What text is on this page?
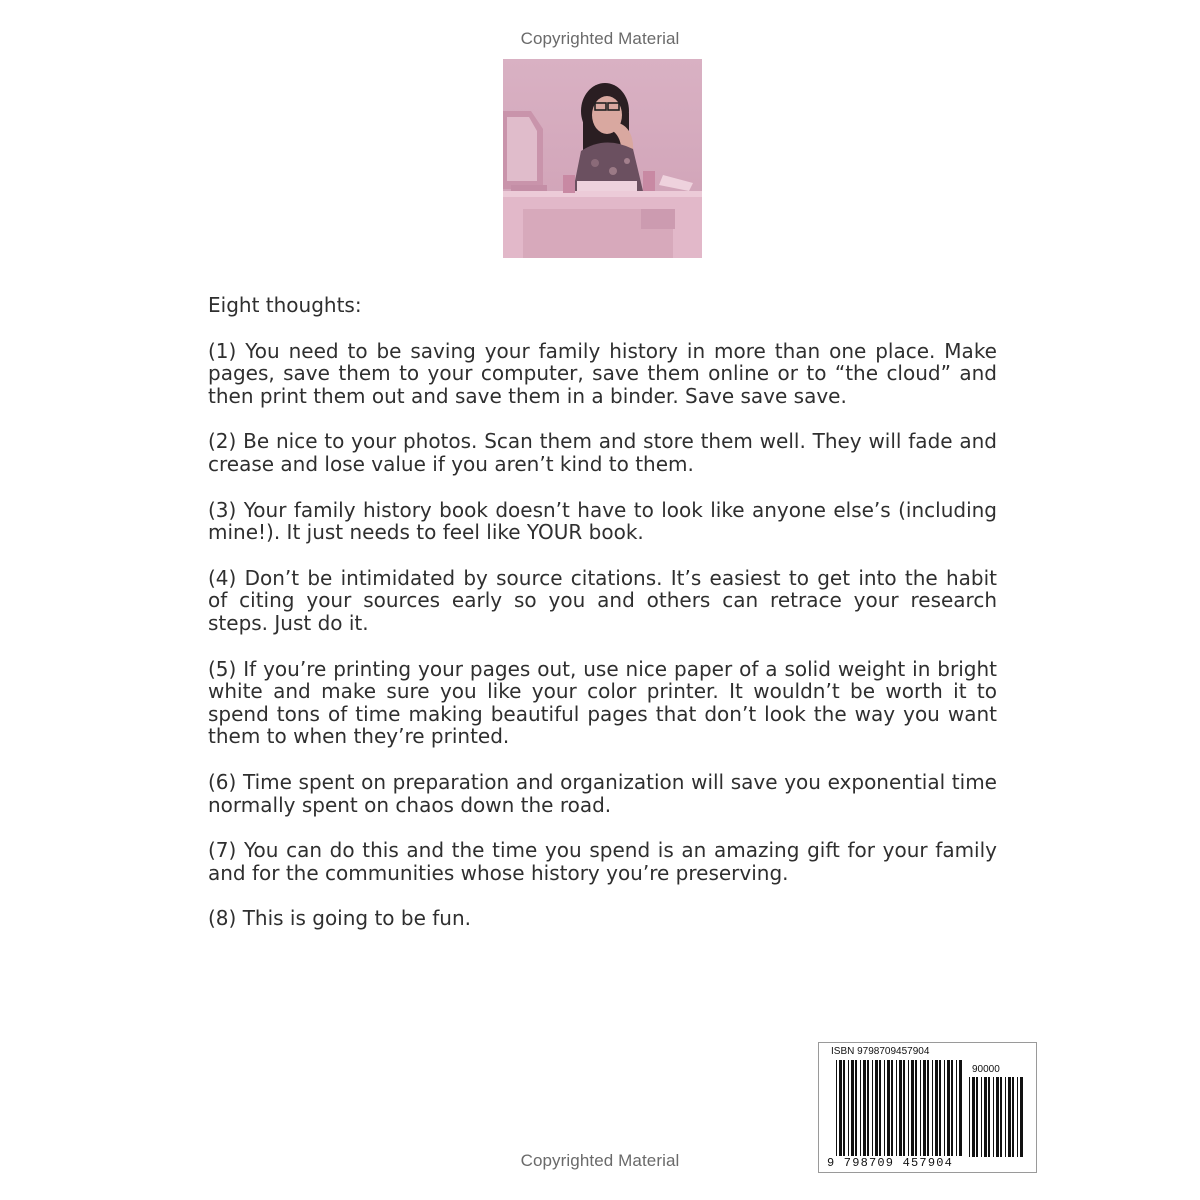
Copyrighted Material

Eight thoughts:

(1) You need to be saving your family history in more than one place. Make pages, save them to your computer, save them online or to “the cloud” and then print them out and save them in a binder. Save save save.

(2) Be nice to your photos. Scan them and store them well. They will fade and crease and lose value if you aren’t kind to them.

(3) Your family history book doesn’t have to look like anyone else’s (including mine!). It just needs to feel like YOUR book.

(4) Don’t be intimidated by source citations. It’s easiest to get into the habit of citing your sources early so you and others can retrace your research steps. Just do it.

(5) If you’re printing your pages out, use nice paper of a solid weight in bright white and make sure you like your color printer. It wouldn’t be worth it to spend tons of time making beautiful pages that don’t look the way you want them to when they’re printed.

(6) Time spent on preparation and organization will save you exponential time normally spent on chaos down the road.

(7) You can do this and the time you spend is an amazing gift for your family and for the communities whose history you’re preserving.

(8) This is going to be fun.

ISBN 9798709457904
90000
9 798709 457904
Copyrighted Material
